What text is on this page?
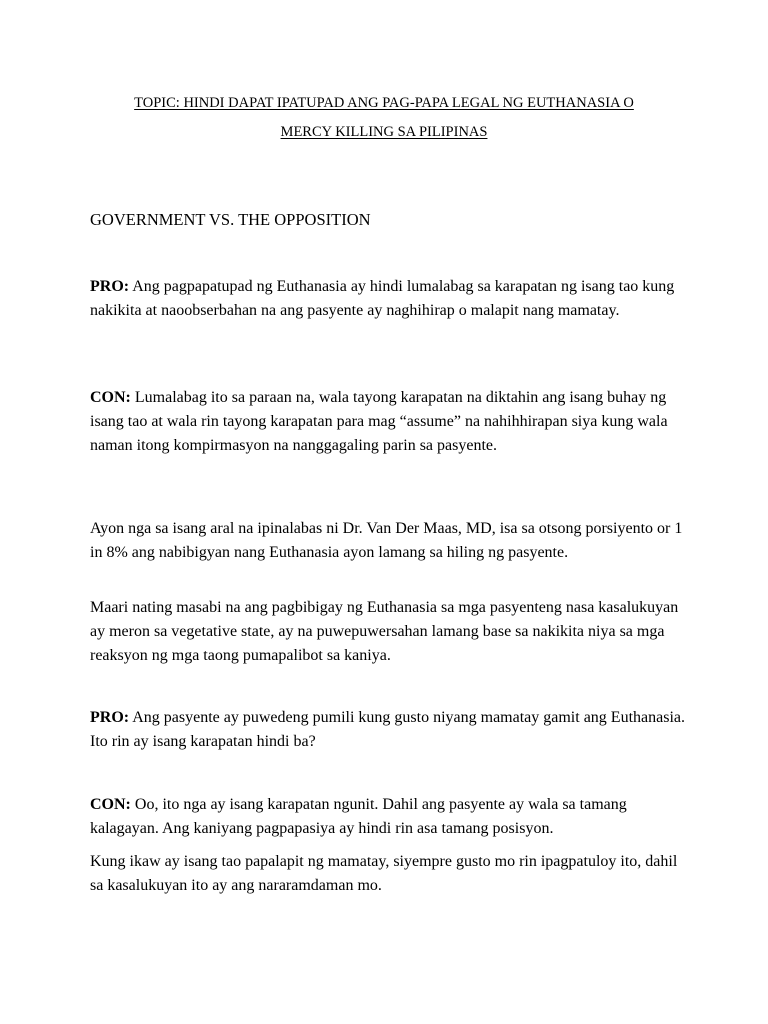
TOPIC: HINDI DAPAT IPATUPAD ANG PAG-PAPA LEGAL NG EUTHANASIA O
MERCY KILLING SA PILIPINAS
GOVERNMENT VS. THE OPPOSITION
PRO: Ang pagpapatupad ng Euthanasia ay hindi lumalabag sa karapatan ng isang tao kung nakikita at naoobserbahan na ang pasyente ay naghihirap o malapit nang mamatay.
CON: Lumalabag ito sa paraan na, wala tayong karapatan na diktahin ang isang buhay ng isang tao at wala rin tayong karapatan para mag “assume” na nahihhirapan siya kung wala naman itong kompirmasyon na nanggagaling parin sa pasyente.
Ayon nga sa isang aral na ipinalabas ni Dr. Van Der Maas, MD, isa sa otsong porsiyento or 1 in 8% ang nabibigyan nang Euthanasia ayon lamang sa hiling ng pasyente.
Maari nating masabi na ang pagbibigay ng Euthanasia sa mga pasyenteng nasa kasalukuyan ay meron sa vegetative state, ay na puwepuwersahan lamang base sa nakikita niya sa mga reaksyon ng mga taong pumapalibot sa kaniya.
PRO: Ang pasyente ay puwedeng pumili kung gusto niyang mamatay gamit ang Euthanasia. Ito rin ay isang karapatan hindi ba?
CON: Oo, ito nga ay isang karapatan ngunit. Dahil ang pasyente ay wala sa tamang kalagayan. Ang kaniyang pagpapasiya ay hindi rin asa tamang posisyon.
Kung ikaw ay isang tao papalapit ng mamatay, siyempre gusto mo rin ipagpatuloy ito, dahil sa kasalukuyan ito ay ang nararamdaman mo.
